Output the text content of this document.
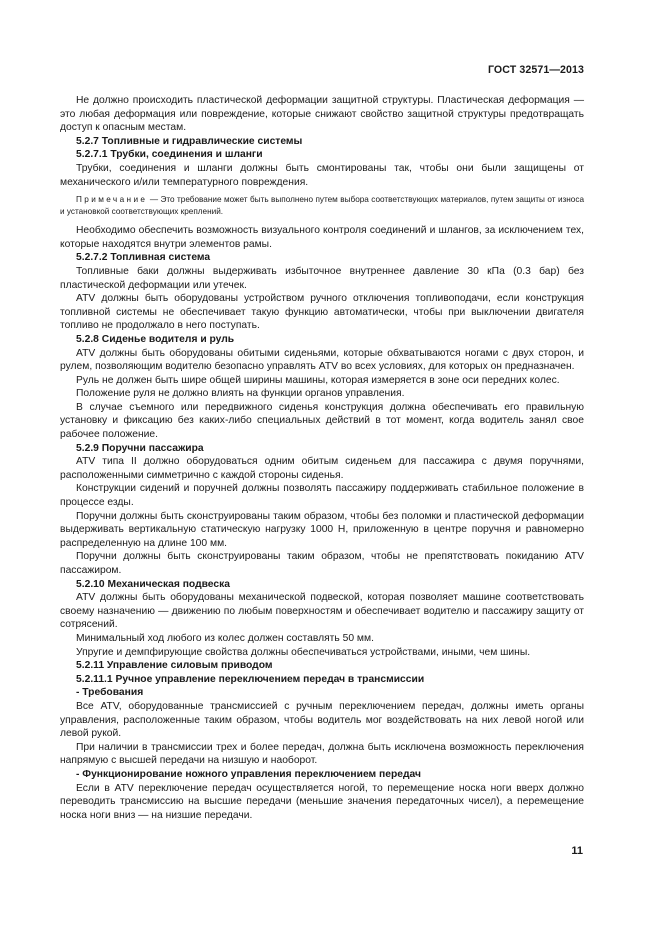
ГОСТ 32571—2013

Не должно происходить пластической деформации защитной структуры. Пластическая деформация — это любая деформация или повреждение, которые снижают свойство защитной структуры предотвращать доступ к опасным местам.

5.2.7 Топливные и гидравлические системы

5.2.7.1 Трубки, соединения и шланги

Трубки, соединения и шланги должны быть смонтированы так, чтобы они были защищены от механического и/или температурного повреждения.

Примечание — Это требование может быть выполнено путем выбора соответствующих материалов, путем защиты от износа и установкой соответствующих креплений.

Необходимо обеспечить возможность визуального контроля соединений и шлангов, за исключением тех, которые находятся внутри элементов рамы.

5.2.7.2 Топливная система

Топливные баки должны выдерживать избыточное внутреннее давление 30 кПа (0.3 бар) без пластической деформации или утечек.

ATV должны быть оборудованы устройством ручного отключения топливоподачи, если конструкция топливной системы не обеспечивает такую функцию автоматически, чтобы при выключении двигателя топливо не продолжало в него поступать.

5.2.8 Сиденье водителя и руль

ATV должны быть оборудованы обитыми сиденьями, которые обхватываются ногами с двух сторон, и рулем, позволяющим водителю безопасно управлять ATV во всех условиях, для которых он предназначен.

Руль не должен быть шире общей ширины машины, которая измеряется в зоне оси передних колес.

Положение руля не должно влиять на функции органов управления.

В случае съемного или передвижного сиденья конструкция должна обеспечивать его правильную установку и фиксацию без каких-либо специальных действий в тот момент, когда водитель занял свое рабочее положение.

5.2.9 Поручни пассажира

ATV типа II должно оборудоваться одним обитым сиденьем для пассажира с двумя поручнями, расположенными симметрично с каждой стороны сиденья.

Конструкции сидений и поручней должны позволять пассажиру поддерживать стабильное положение в процессе езды.

Поручни должны быть сконструированы таким образом, чтобы без поломки и пластической деформации выдерживать вертикальную статическую нагрузку 1000 Н, приложенную в центре поручня и равномерно распределенную на длине 100 мм.

Поручни должны быть сконструированы таким образом, чтобы не препятствовать покиданию ATV пассажиром.

5.2.10 Механическая подвеска

ATV должны быть оборудованы механической подвеской, которая позволяет машине соответствовать своему назначению — движению по любым поверхностям и обеспечивает водителю и пассажиру защиту от сотрясений.

Минимальный ход любого из колес должен составлять 50 мм.

Упругие и демпфирующие свойства должны обеспечиваться устройствами, иными, чем шины.

5.2.11 Управление силовым приводом

5.2.11.1 Ручное управление переключением передач в трансмиссии

- Требования

Все ATV, оборудованные трансмиссией с ручным переключением передач, должны иметь органы управления, расположенные таким образом, чтобы водитель мог воздействовать на них левой ногой или левой рукой.

При наличии в трансмиссии трех и более передач, должна быть исключена возможность переключения напрямую с высшей передачи на низшую и наоборот.

- Функционирование ножного управления переключением передач

Если в ATV переключение передач осуществляется ногой, то перемещение носка ноги вверх должно переводить трансмиссию на высшие передачи (меньшие значения передаточных чисел), а перемещение носка ноги вниз — на низшие передачи.

11
